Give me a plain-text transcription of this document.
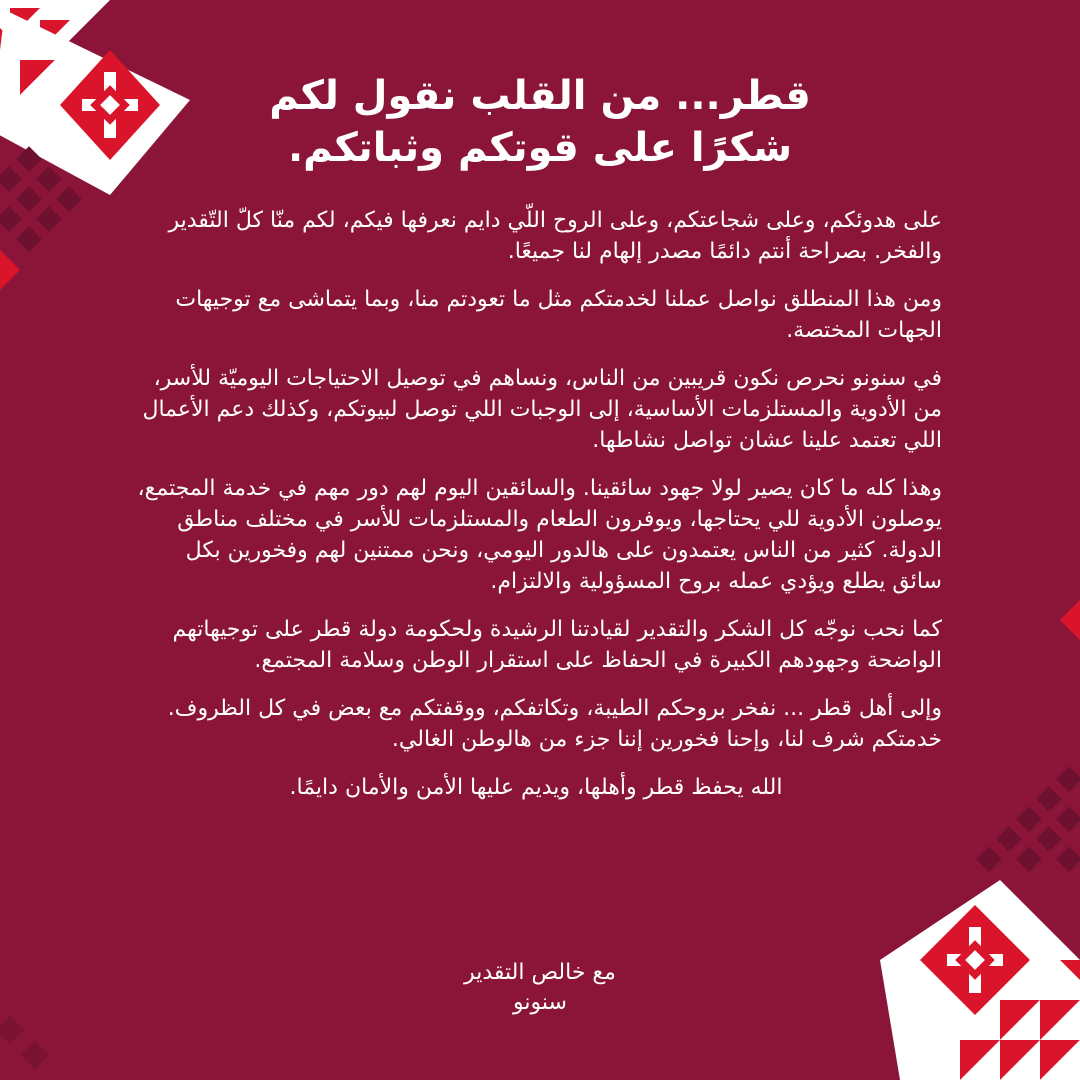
قطر... من القلب نقول لكم
شكرًا على قوتكم وثباتكم.

على هدوئكم، وعلى شجاعتكم، وعلى الروح اللّي دايم نعرفها فيكم، لكم منّا كلّ التّقدير والفخر. بصراحة أنتم دائمًا مصدر إلهام لنا جميعًا.

ومن هذا المنطلق نواصل عملنا لخدمتكم مثل ما تعودتم منا، وبما يتماشى مع توجيهات الجهات المختصة.

في سنونو نحرص نكون قريبين من الناس، ونساهم في توصيل الاحتياجات اليوميّة للأسر، من الأدوية والمستلزمات الأساسية، إلى الوجبات اللي توصل لبيوتكم، وكذلك دعم الأعمال اللي تعتمد علينا عشان تواصل نشاطها.

وهذا كله ما كان يصير لولا جهود سائقينا. والسائقين اليوم لهم دور مهم في خدمة المجتمع، يوصلون الأدوية للي يحتاجها، ويوفرون الطعام والمستلزمات للأسر في مختلف مناطق الدولة. كثير من الناس يعتمدون على هالدور اليومي، ونحن ممتنين لهم وفخورين بكل سائق يطلع ويؤدي عمله بروح المسؤولية والالتزام.

كما نحب نوجّه كل الشكر والتقدير لقيادتنا الرشيدة ولحكومة دولة قطر على توجيهاتهم الواضحة وجهودهم الكبيرة في الحفاظ على استقرار الوطن وسلامة المجتمع.

وإلى أهل قطر ... نفخر بروحكم الطيبة، وتكاتفكم، ووقفتكم مع بعض في كل الظروف. خدمتكم شرف لنا، وإحنا فخورين إننا جزء من هالوطن الغالي.

الله يحفظ قطر وأهلها، ويديم عليها الأمن والأمان دايمًا.

مع خالص التقدير
سنونو
